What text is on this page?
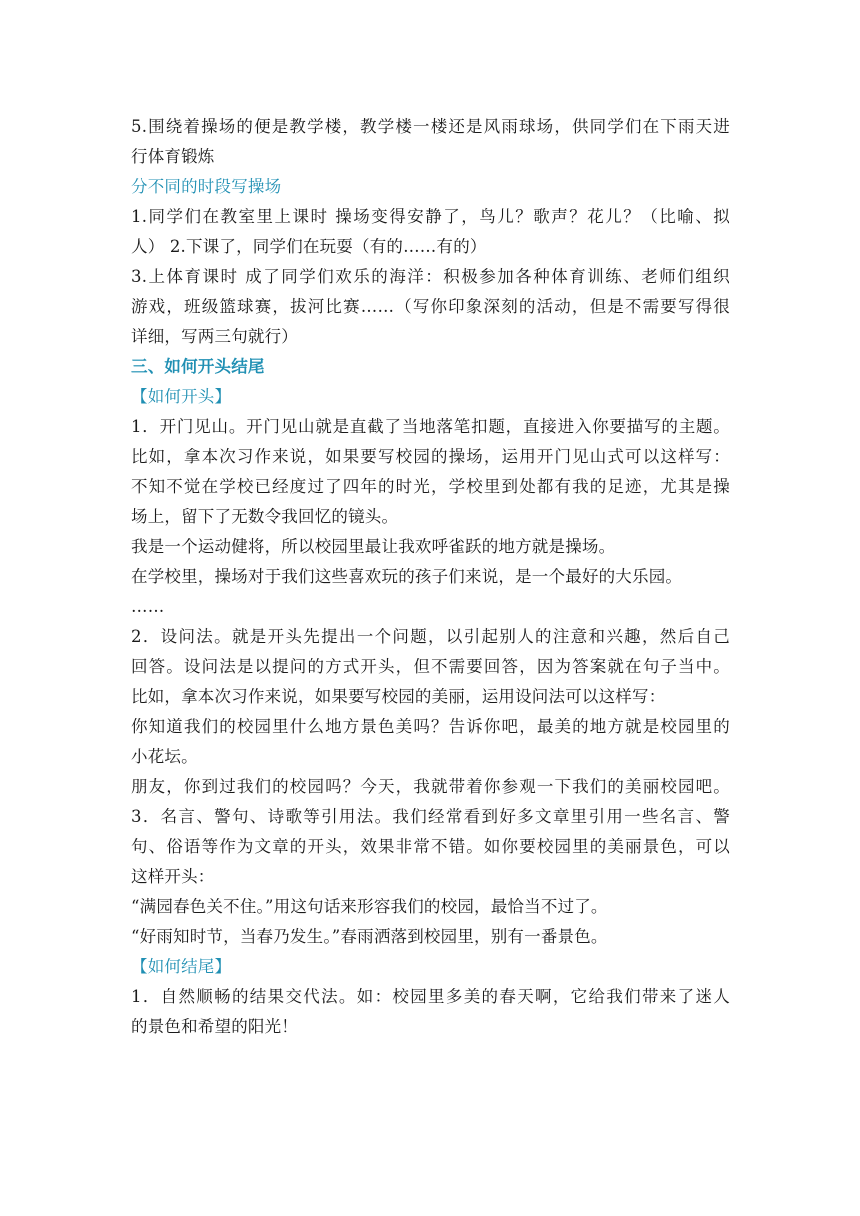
5.围绕着操场的便是教学楼，教学楼一楼还是风雨球场，供同学们在下雨天进
行体育锻炼
分不同的时段写操场
1.同学们在教室里上课时 操场变得安静了，鸟儿？歌声？花儿？（比喻、拟
人） 2.下课了，同学们在玩耍（有的……有的）
3.上体育课时 成了同学们欢乐的海洋：积极参加各种体育训练、老师们组织
游戏，班级篮球赛，拔河比赛……（写你印象深刻的活动，但是不需要写得很
详细，写两三句就行）
三、如何开头结尾
【如何开头】
1．开门见山。开门见山就是直截了当地落笔扣题，直接进入你要描写的主题。
比如，拿本次习作来说，如果要写校园的操场，运用开门见山式可以这样写：
不知不觉在学校已经度过了四年的时光，学校里到处都有我的足迹，尤其是操
场上，留下了无数令我回忆的镜头。
我是一个运动健将，所以校园里最让我欢呼雀跃的地方就是操场。
在学校里，操场对于我们这些喜欢玩的孩子们来说，是一个最好的大乐园。
……
2．设问法。就是开头先提出一个问题，以引起别人的注意和兴趣，然后自己
回答。设问法是以提问的方式开头，但不需要回答，因为答案就在句子当中。
比如，拿本次习作来说，如果要写校园的美丽，运用设问法可以这样写：
你知道我们的校园里什么地方景色美吗？告诉你吧，最美的地方就是校园里的
小花坛。
朋友，你到过我们的校园吗？今天，我就带着你参观一下我们的美丽校园吧。
3．名言、警句、诗歌等引用法。我们经常看到好多文章里引用一些名言、警
句、俗语等作为文章的开头，效果非常不错。如你要校园里的美丽景色，可以
这样开头：
“满园春色关不住。”用这句话来形容我们的校园，最恰当不过了。
“好雨知时节，当春乃发生。”春雨洒落到校园里，别有一番景色。
【如何结尾】
1．自然顺畅的结果交代法。如：校园里多美的春天啊，它给我们带来了迷人
的景色和希望的阳光！
